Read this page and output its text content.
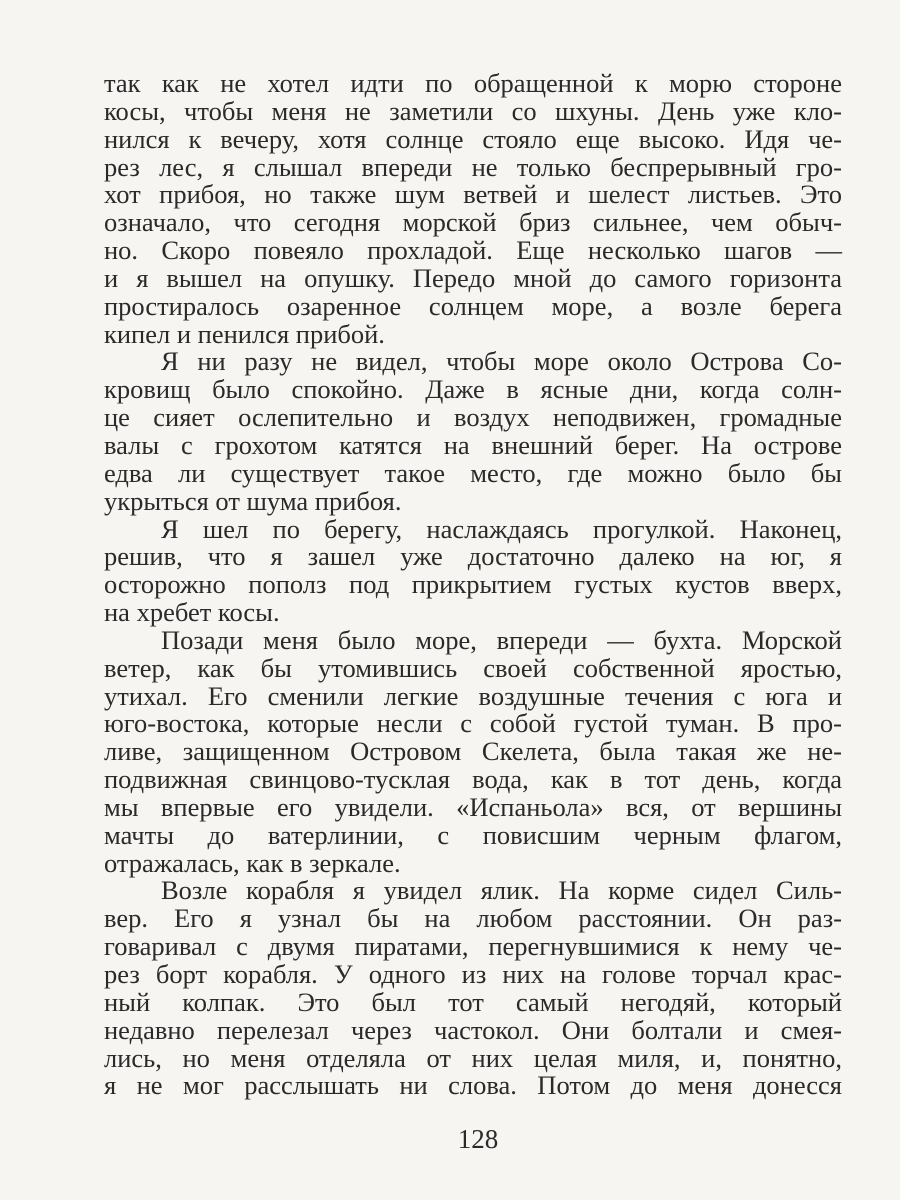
так как не хотел идти по обращенной к морю стороне
косы, чтобы меня не заметили со шхуны. День уже кло-
нился к вечеру, хотя солнце стояло еще высоко. Идя че-
рез лес, я слышал впереди не только беспрерывный гро-
хот прибоя, но также шум ветвей и шелест листьев. Это
означало, что сегодня морской бриз сильнее, чем обыч-
но. Скоро повеяло прохладой. Еще несколько шагов —
и я вышел на опушку. Передо мной до самого горизонта
простиралось озаренное солнцем море, а возле берега
кипел и пенился прибой.
Я ни разу не видел, чтобы море около Острова Со-
кровищ было спокойно. Даже в ясные дни, когда солн-
це сияет ослепительно и воздух неподвижен, громадные
валы с грохотом катятся на внешний берег. На острове
едва ли существует такое место, где можно было бы
укрыться от шума прибоя.
Я шел по берегу, наслаждаясь прогулкой. Наконец,
решив, что я зашел уже достаточно далеко на юг, я
осторожно пополз под прикрытием густых кустов вверх,
на хребет косы.
Позади меня было море, впереди — бухта. Морской
ветер, как бы утомившись своей собственной яростью,
утихал. Его сменили легкие воздушные течения с юга и
юго-востока, которые несли с собой густой туман. В про-
ливе, защищенном Островом Скелета, была такая же не-
подвижная свинцово-тусклая вода, как в тот день, когда
мы впервые его увидели. «Испаньола» вся, от вершины
мачты до ватерлинии, с повисшим черным флагом,
отражалась, как в зеркале.
Возле корабля я увидел ялик. На корме сидел Силь-
вер. Его я узнал бы на любом расстоянии. Он раз-
говаривал с двумя пиратами, перегнувшимися к нему че-
рез борт корабля. У одного из них на голове торчал крас-
ный колпак. Это был тот самый негодяй, который
недавно перелезал через частокол. Они болтали и смея-
лись, но меня отделяла от них целая миля, и, понятно,
я не мог расслышать ни слова. Потом до меня донесся
128
